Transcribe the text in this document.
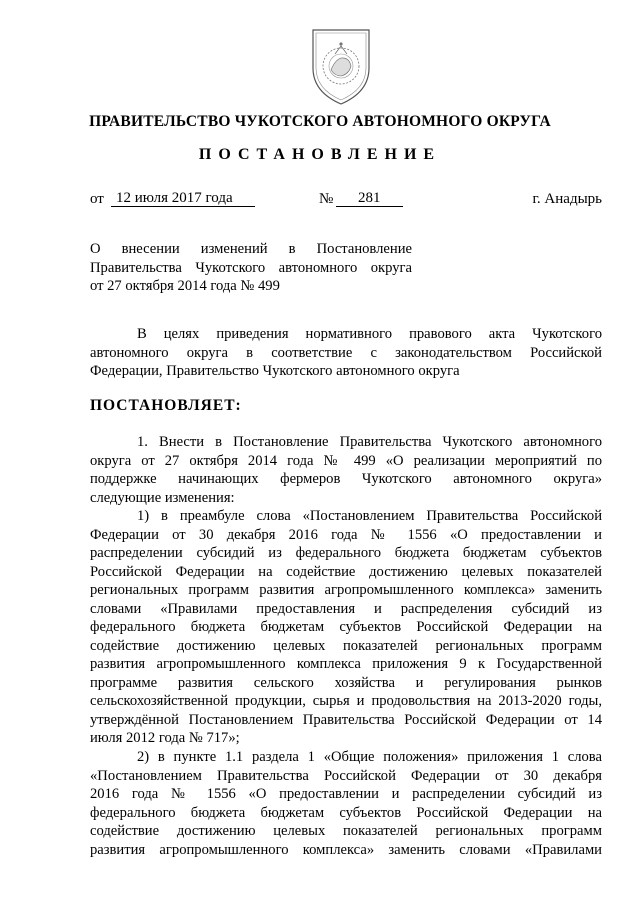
ПРАВИТЕЛЬСТВО ЧУКОТСКОГО АВТОНОМНОГО ОКРУГА
ПОСТАНОВЛЕНИЕ
от 12 июля 2017 года	№	281	г. Анадырь
О внесении изменений в Постановление
Правительства Чукотского автономного округа
от 27 октября 2014 года № 499
В целях приведения нормативного правового акта Чукотского
автономного округа в соответствие с законодательством Российской
Федерации, Правительство Чукотского автономного округа
ПОСТАНОВЛЯЕТ:
1. Внести в Постановление Правительства Чукотского автономного
округа от 27 октября 2014 года № 499 «О реализации мероприятий по
поддержке начинающих фермеров Чукотского автономного округа»
следующие изменения:
1) в преамбуле слова «Постановлением Правительства Российской
Федерации от 30 декабря 2016 года № 1556 «О предоставлении и
распределении субсидий из федерального бюджета бюджетам субъектов
Российской Федерации на содействие достижению целевых показателей
региональных программ развития агропромышленного комплекса» заменить
словами «Правилами предоставления и распределения субсидий из
федерального бюджета бюджетам субъектов Российской Федерации на
содействие достижению целевых показателей региональных программ
развития агропромышленного комплекса приложения 9 к Государственной
программе развития сельского хозяйства и регулирования рынков
сельскохозяйственной продукции, сырья и продовольствия на 2013-2020 годы,
утверждённой Постановлением Правительства Российской Федерации от 14
июля 2012 года № 717»;
2) в пункте 1.1 раздела 1 «Общие положения» приложения 1 слова
«Постановлением Правительства Российской Федерации от 30 декабря
2016 года № 1556 «О предоставлении и распределении субсидий из
федерального бюджета бюджетам субъектов Российской Федерации на
содействие достижению целевых показателей региональных программ
развития агропромышленного комплекса» заменить словами «Правилами
